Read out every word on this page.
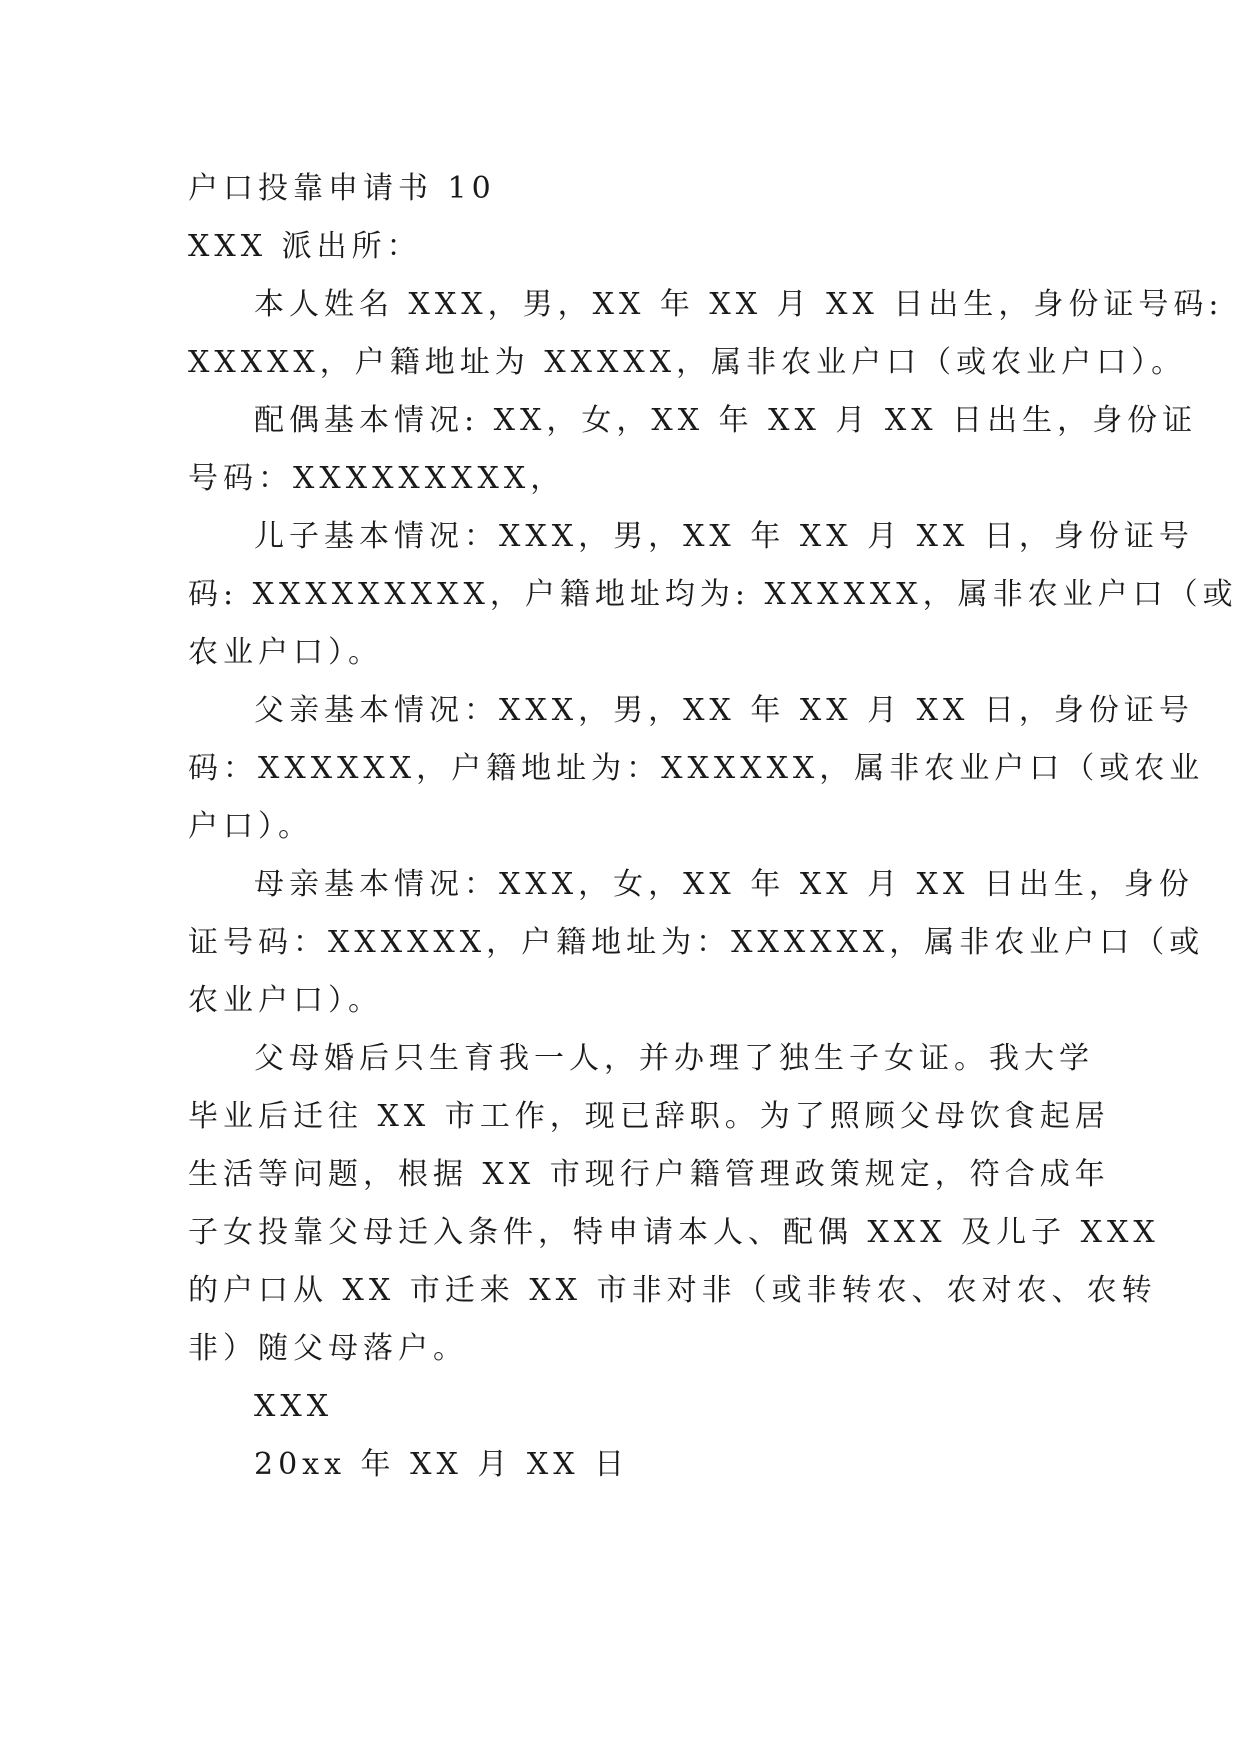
户口投靠申请书 10
XXX 派出所：
本人姓名 XXX，男，XX 年 XX 月 XX 日出生，身份证号码:
XXXXX，户籍地址为 XXXXX，属非农业户口（或农业户口）。
配偶基本情况: XX，女，XX 年 XX 月 XX 日出生，身份证
号码：XXXXXXXXX，
儿子基本情况：XXX，男，XX 年 XX 月 XX 日，身份证号
码: XXXXXXXXX，户籍地址均为: XXXXXX，属非农业户口（或
农业户口）。
父亲基本情况：XXX，男，XX 年 XX 月 XX 日，身份证号
码：XXXXXX，户籍地址为：XXXXXX，属非农业户口（或农业
户口）。
母亲基本情况：XXX，女，XX 年 XX 月 XX 日出生，身份
证号码：XXXXXX，户籍地址为：XXXXXX，属非农业户口（或
农业户口）。
父母婚后只生育我一人，并办理了独生子女证。我大学
毕业后迁往 XX 市工作，现已辞职。为了照顾父母饮食起居
生活等问题，根据 XX 市现行户籍管理政策规定，符合成年
子女投靠父母迁入条件，特申请本人、配偶 XXX 及儿子 XXX
的户口从 XX 市迁来 XX 市非对非（或非转农、农对农、农转
非）随父母落户。
XXX
20xx 年 XX 月 XX 日
